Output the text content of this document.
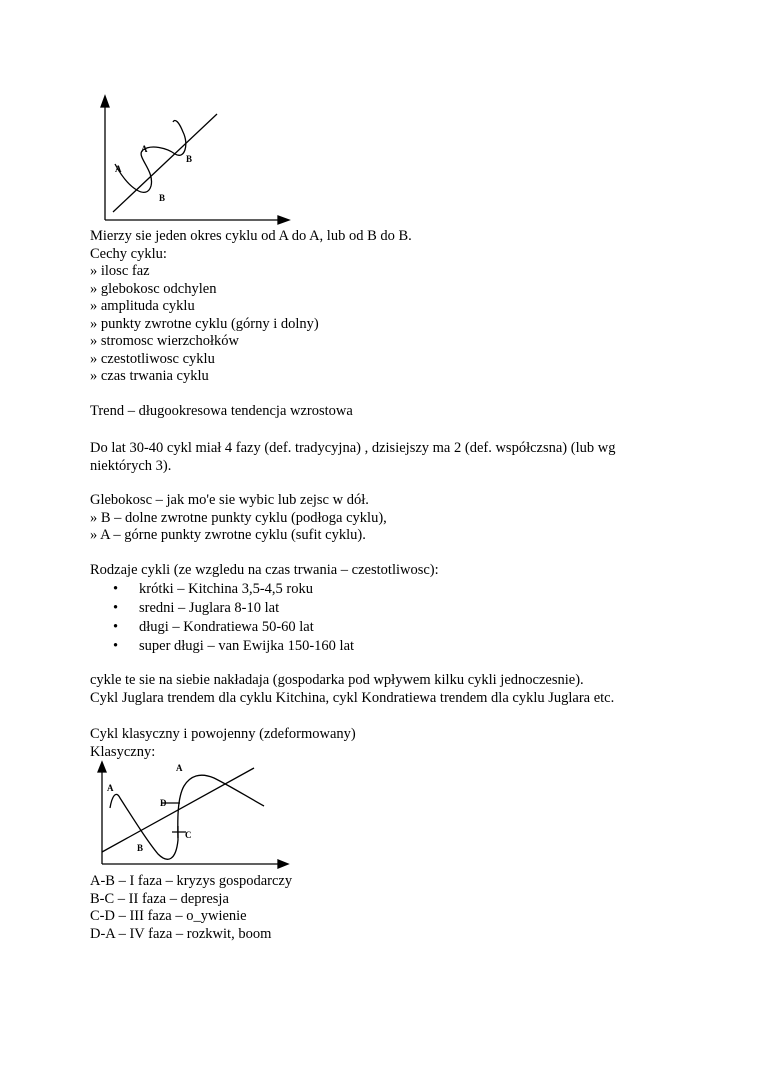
A
A
B
B
Mierzy sie jeden okres cyklu od A do A, lub od B do B.
Cechy cyklu:
» ilosc faz
» glebokosc odchylen
» amplituda cyklu
» punkty zwrotne cyklu (górny i dolny)
» stromosc wierzchołków
» czestotliwosc cyklu
» czas trwania cyklu
Trend – długookresowa tendencja wzrostowa
Do lat 30-40 cykl miał 4 fazy (def. tradycyjna) , dzisiejszy ma 2 (def. współczsna) (lub wg niektórych 3).
Glebokosc – jak mo'e sie wybic lub zejsc w dół.
» B – dolne zwrotne punkty cyklu (podłoga cyklu),
» A – górne punkty zwrotne cyklu (sufit cyklu).
Rodzaje cykli (ze wzgledu na czas trwania – czestotliwosc):
• krótki – Kitchina 3,5-4,5 roku
• sredni – Juglara 8-10 lat
• długi – Kondratiewa 50-60 lat
• super długi – van Ewijka 150-160 lat
cykle te sie na siebie nakładaja (gospodarka pod wpływem kilku cykli jednoczesnie).
Cykl Juglara trendem dla cyklu Kitchina, cykl Kondratiewa trendem dla cyklu Juglara etc.
Cykl klasyczny i powojenny (zdeformowany)
Klasyczny:
A
A
D
C
B
A-B – I faza – kryzys gospodarczy
B-C – II faza – depresja
C-D – III faza – o_ywienie
D-A – IV faza – rozkwit, boom
